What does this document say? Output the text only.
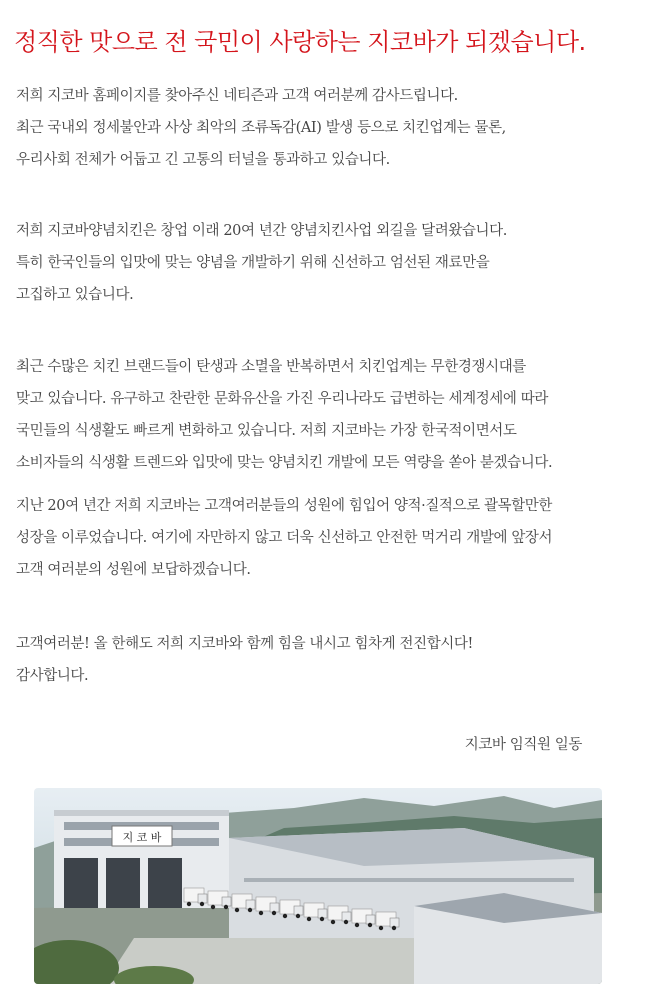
정직한 맛으로 전 국민이 사랑하는 지코바가 되겠습니다.
저희 지코바 홈페이지를 찾아주신 네티즌과 고객 여러분께 감사드립니다.
최근 국내외 정세불안과 사상 최악의 조류독감(AI) 발생 등으로 치킨업계는 물론,
우리사회 전체가 어둡고 긴 고통의 터널을 통과하고 있습니다.
저희 지코바양념치킨은 창업 이래 20여 년간 양념치킨사업 외길을 달려왔습니다.
특히 한국인들의 입맛에 맞는 양념을 개발하기 위해 신선하고 엄선된 재료만을
고집하고 있습니다.
최근 수많은 치킨 브랜드들이 탄생과 소멸을 반복하면서 치킨업계는 무한경쟁시대를
맞고 있습니다. 유구하고 찬란한 문화유산을 가진 우리나라도 급변하는 세계정세에 따라
국민들의 식생활도 빠르게 변화하고 있습니다. 저희 지코바는 가장 한국적이면서도
소비자들의 식생활 트렌드와 입맛에 맞는 양념치킨 개발에 모든 역량을 쏟아 붇겠습니다.
지난 20여 년간 저희 지코바는 고객여러분들의 성원에 힘입어 양적·질적으로 괄목할만한
성장을 이루었습니다. 여기에 자만하지 않고 더욱 신선하고 안전한 먹거리 개발에 앞장서
고객 여러분의 성원에 보답하겠습니다.
고객여러분! 올 한해도 저희 지코바와 함께 힘을 내시고 힘차게 전진합시다!
감사합니다.

지코바 임직원 일동

지 코 바
